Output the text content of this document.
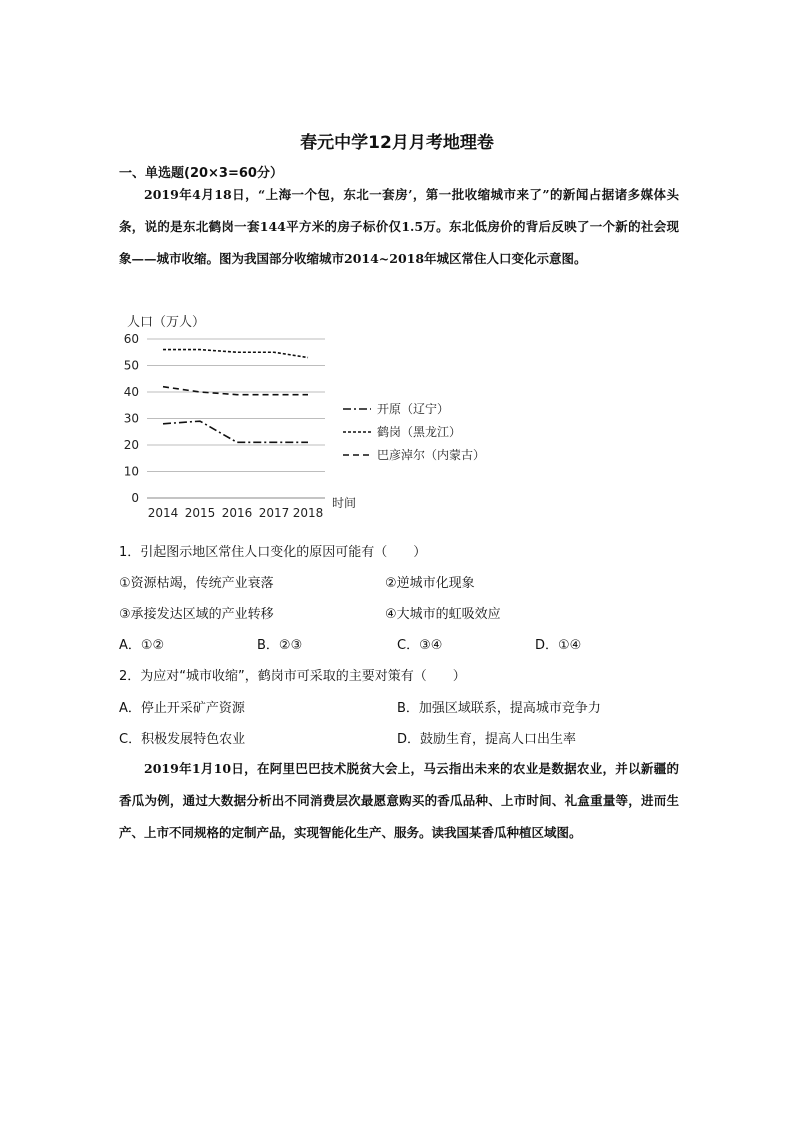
春元中学12月月考地理卷
一、单选题(20×3=60分）
2019年4月18日，“上海一个包，东北一套房’，第一批收缩城市来了”的新闻占据诸多媒体头条，说的是东北鹤岗一套144平方米的房子标价仅1.5万。东北低房价的背后反映了一个新的社会现象——城市收缩。图为我国部分收缩城市2014~2018年城区常住人口变化示意图。
人口（万人）
时间
0
10
20
30
40
50
60
2014 2015 2016 2017 2018
开原（辽宁）
鹤岗（黑龙江）
巴彦淖尔（内蒙古）
1．引起图示地区常住人口变化的原因可能有（　　）
①资源枯竭，传统产业衰落	②逆城市化现象
③承接发达区域的产业转移	④大城市的虹吸效应
A．①②	B．②③	C．③④	D．①④
2．为应对“城市收缩”，鹤岗市可采取的主要对策有（　　）
A．停止开采矿产资源	B．加强区域联系，提高城市竞争力
C．积极发展特色农业	D．鼓励生育，提高人口出生率
2019年1月10日，在阿里巴巴技术脱贫大会上，马云指出未来的农业是数据农业，并以新疆的香瓜为例，通过大数据分析出不同消费层次最愿意购买的香瓜品种、上市时间、礼盒重量等，进而生产、上市不同规格的定制产品，实现智能化生产、服务。读我国某香瓜种植区域图。
